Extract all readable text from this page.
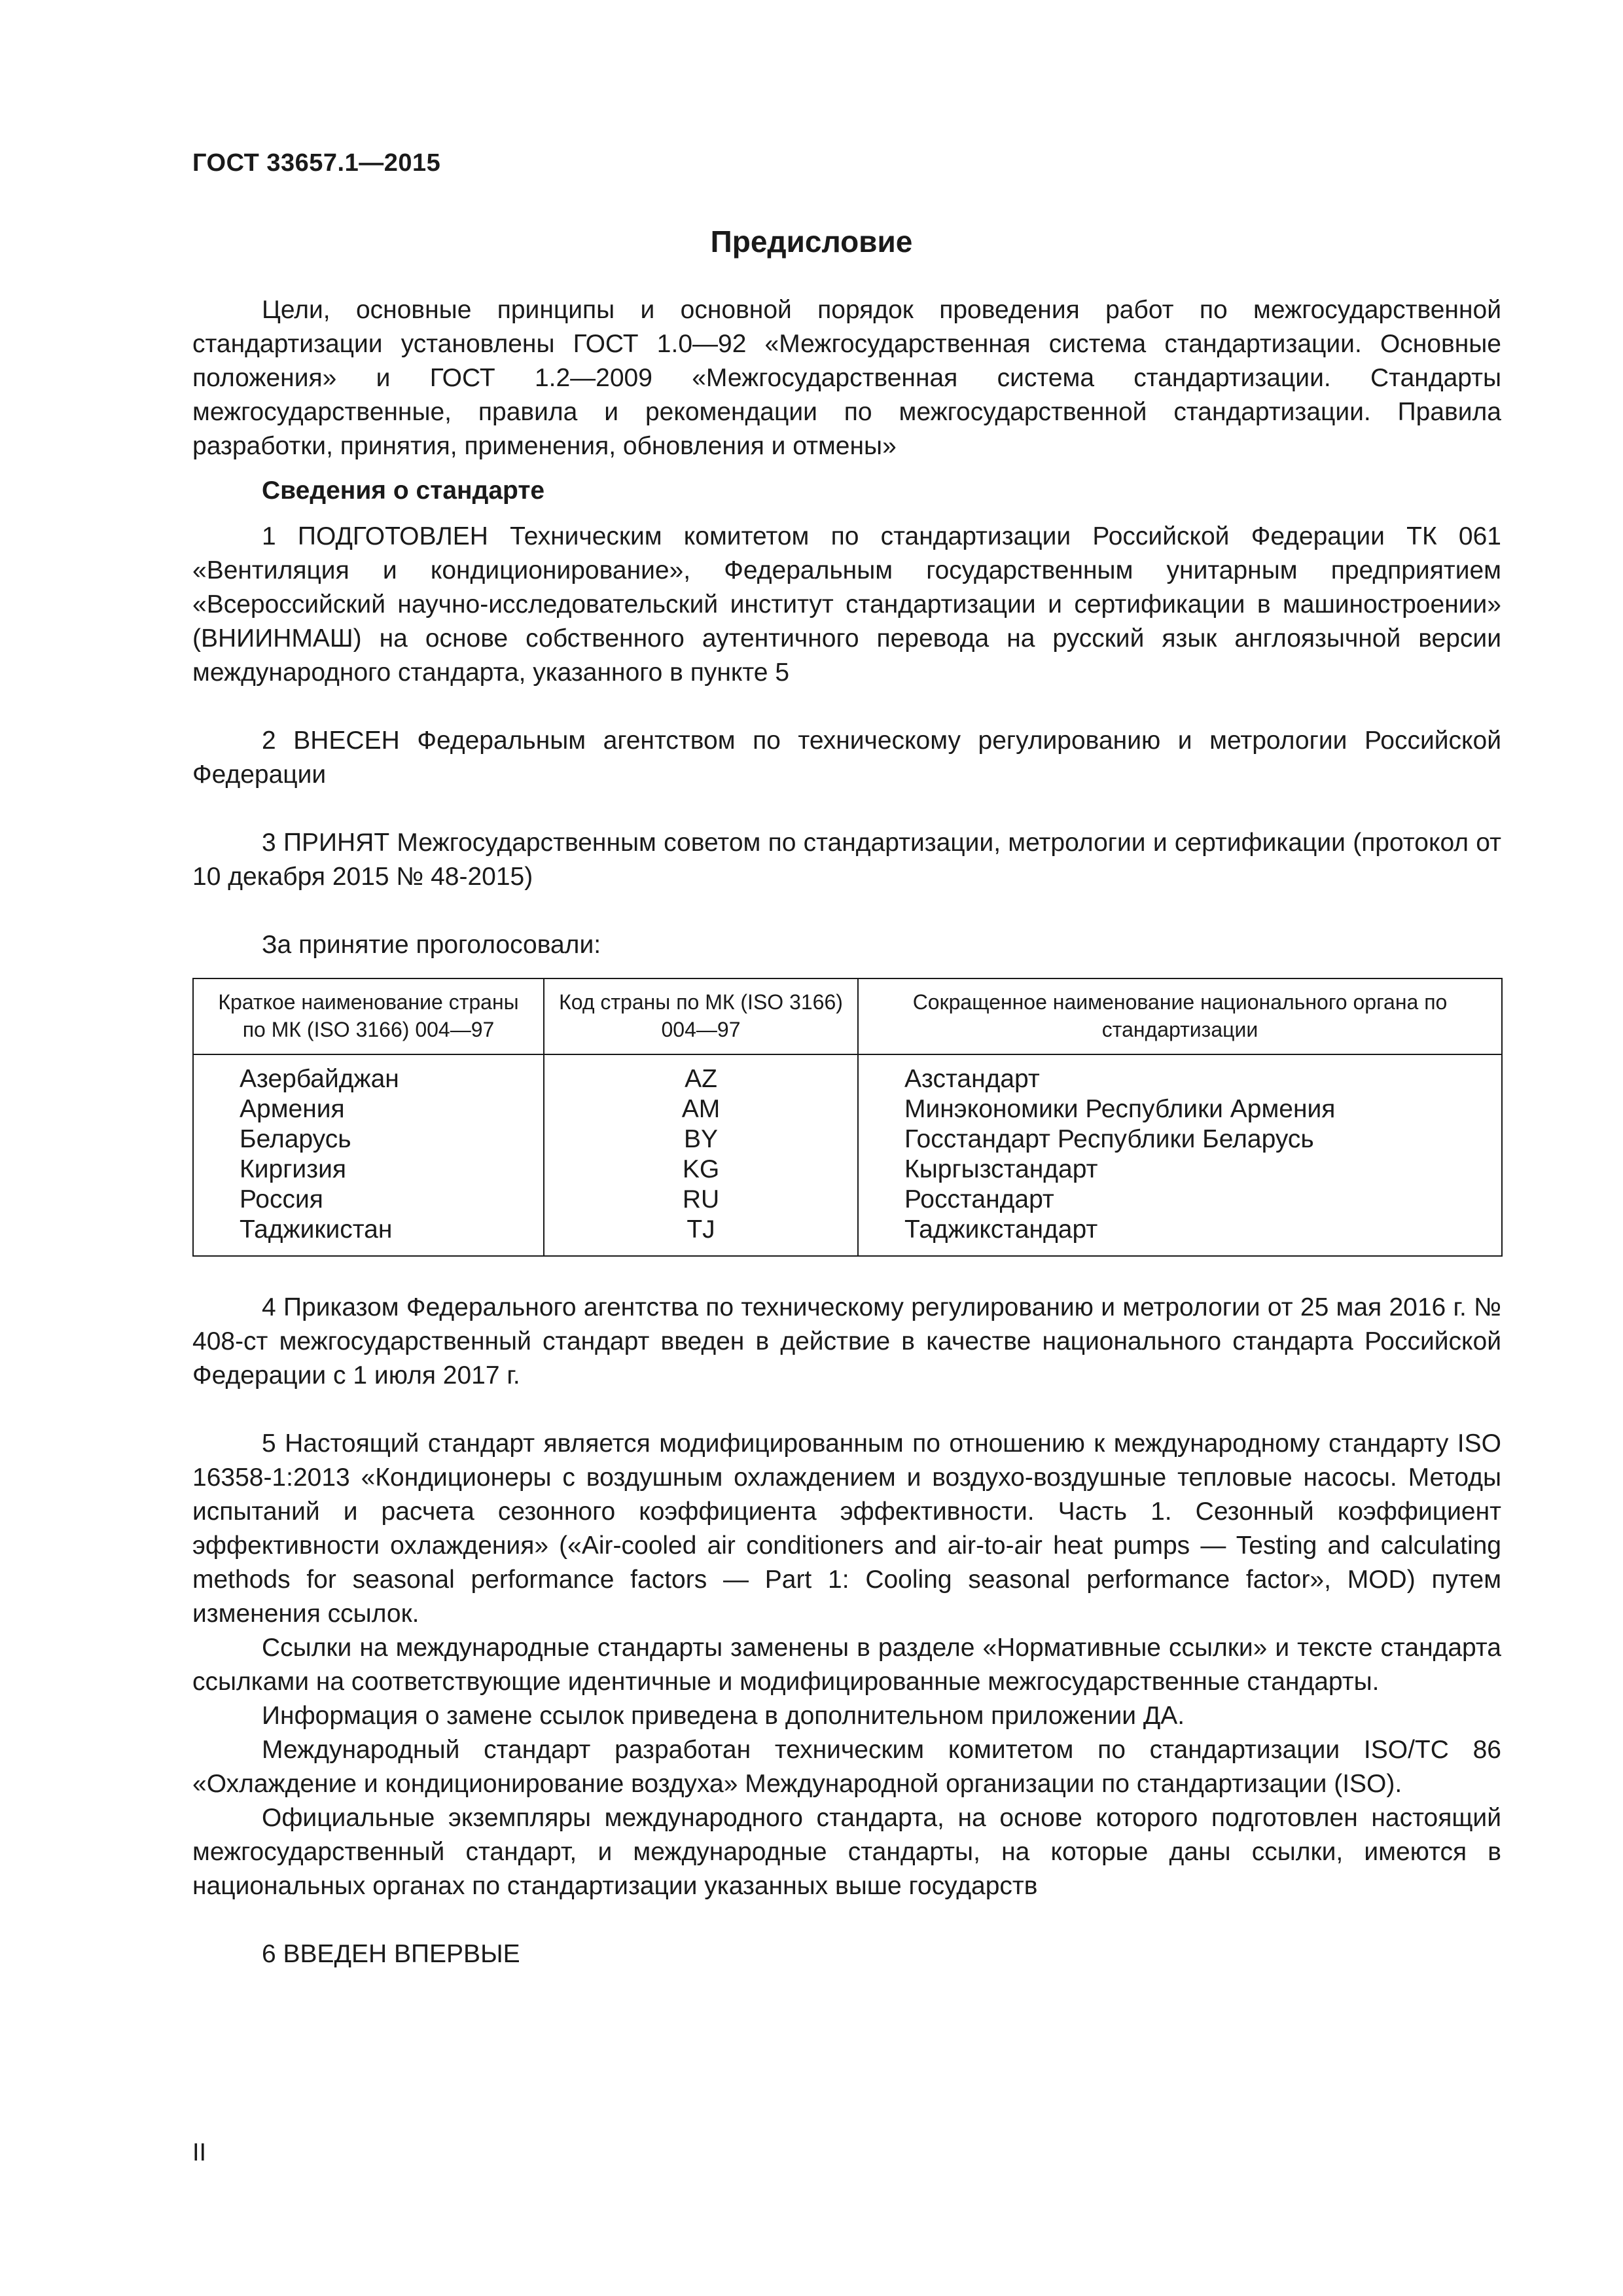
ГОСТ 33657.1—2015
Предисловие

Цели, основные принципы и основной порядок проведения работ по межгосударственной стандартизации установлены ГОСТ 1.0—92 «Межгосударственная система стандартизации. Основные положения» и ГОСТ 1.2—2009 «Межгосударственная система стандартизации. Стандарты межгосударственные, правила и рекомендации по межгосударственной стандартизации. Правила разработки, принятия, применения, обновления и отмены»

Сведения о стандарте

1 ПОДГОТОВЛЕН Техническим комитетом по стандартизации Российской Федерации ТК 061 «Вентиляция и кондиционирование», Федеральным государственным унитарным предприятием «Всероссийский научно-исследовательский институт стандартизации и сертификации в машиностроении» (ВНИИНМАШ) на основе собственного аутентичного перевода на русский язык англоязычной версии международного стандарта, указанного в пункте 5

2 ВНЕСЕН Федеральным агентством по техническому регулированию и метрологии Российской Федерации

3 ПРИНЯТ Межгосударственным советом по стандартизации, метрологии и сертификации (протокол от 10 декабря 2015 № 48-2015)

За принятие проголосовали:
Краткое наименование страны по МК (ISO 3166) 004—97	Код страны по МК (ISO 3166) 004—97	Сокращенное наименование национального органа по стандартизации
Азербайджан	AZ	Азстандарт
Армения	AM	Минэкономики Республики Армения
Беларусь	BY	Госстандарт Республики Беларусь
Киргизия	KG	Кыргызстандарт
Россия	RU	Росстандарт
Таджикистан	TJ	Таджикстандарт

4 Приказом Федерального агентства по техническому регулированию и метрологии от 25 мая 2016 г. № 408-ст межгосударственный стандарт введен в действие в качестве национального стандарта Российской Федерации с 1 июля 2017 г.

5 Настоящий стандарт является модифицированным по отношению к международному стандарту ISO 16358-1:2013 «Кондиционеры с воздушным охлаждением и воздухо-воздушные тепловые насосы. Методы испытаний и расчета сезонного коэффициента эффективности. Часть 1. Сезонный коэффициент эффективности охлаждения» («Air-cooled air conditioners and air-to-air heat pumps — Testing and calculating methods for seasonal performance factors — Part 1: Cooling seasonal performance factor», MOD) путем изменения ссылок.

Ссылки на международные стандарты заменены в разделе «Нормативные ссылки» и тексте стандарта ссылками на соответствующие идентичные и модифицированные межгосударственные стандарты.

Информация о замене ссылок приведена в дополнительном приложении ДА.

Международный стандарт разработан техническим комитетом по стандартизации ISO/TC 86 «Охлаждение и кондиционирование воздуха» Международной организации по стандартизации (ISO).

Официальные экземпляры международного стандарта, на основе которого подготовлен настоящий межгосударственный стандарт, и международные стандарты, на которые даны ссылки, имеются в национальных органах по стандартизации указанных выше государств

6 ВВЕДЕН ВПЕРВЫЕ

II
